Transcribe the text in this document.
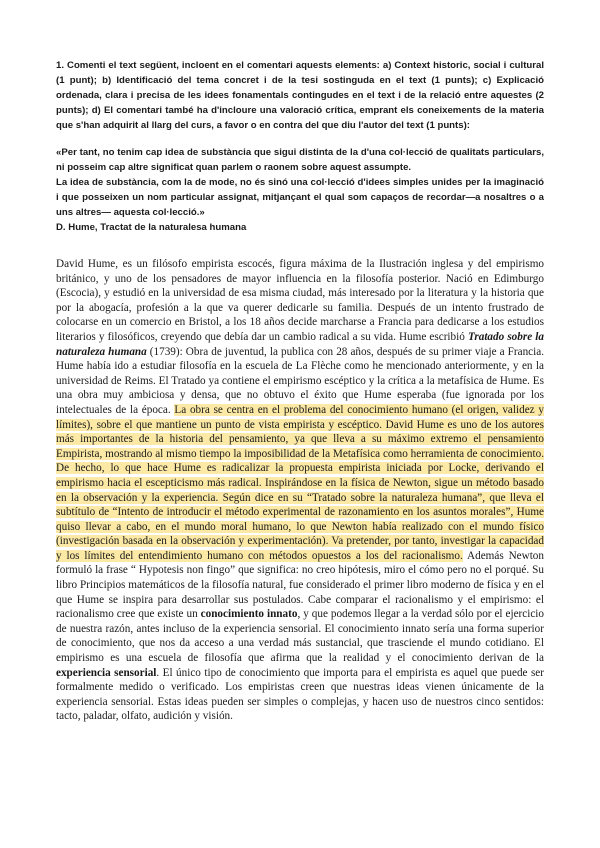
1. Comenti el text següent, incloent en el comentari aquests elements: a) Context historic, social i cultural (1 punt); b) Identificació del tema concret i de la tesi sostinguda en el text (1 punts); c) Explicació ordenada, clara i precisa de les idees fonamentals contingudes en el text i de la relació entre aquestes (2 punts); d) El comentari també ha d'incloure una valoració crítica, emprant els coneixements de la materia que s'han adquirit al llarg del curs, a favor o en contra del que diu l'autor del text (1 punts):

«Per tant, no tenim cap idea de substància que sigui distinta de la d'una col·lecció de qualitats particulars, ni posseim cap altre significat quan parlem o raonem sobre aquest assumpte.

La idea de substància, com la de mode, no és sinó una col·lecció d'idees simples unides per la imaginació i que posseixen un nom particular assignat, mitjançant el qual som capaços de recordar—a nosaltres o a uns altres— aquesta col·lecció.»

D. Hume, Tractat de la naturalesa humana

David Hume, es un filósofo empirista escocés, figura máxima de la Ilustración inglesa y del empirismo británico, y uno de los pensadores de mayor influencia en la filosofía posterior. Nació en Edimburgo (Escocia), y estudió en la universidad de esa misma ciudad, más interesado por la literatura y la historia que por la abogacía, profesión a la que va querer dedicarle su familia. Después de un intento frustrado de colocarse en un comercio en Bristol, a los 18 años decide marcharse a Francia para dedicarse a los estudios literarios y filosóficos, creyendo que debía dar un cambio radical a su vida. Hume escribió Tratado sobre la naturaleza humana (1739): Obra de juventud, la publica con 28 años, después de su primer viaje a Francia. Hume había ido a estudiar filosofía en la escuela de La Flèche como he mencionado anteriormente, y en la universidad de Reims. El Tratado ya contiene el empirismo escéptico y la crítica a la metafísica de Hume. Es una obra muy ambiciosa y densa, que no obtuvo el éxito que Hume esperaba (fue ignorada por los intelectuales de la época. La obra se centra en el problema del conocimiento humano (el origen, validez y límites), sobre el que mantiene un punto de vista empirista y escéptico. David Hume es uno de los autores más importantes de la historia del pensamiento, ya que lleva a su máximo extremo el pensamiento Empirista, mostrando al mismo tiempo la imposibilidad de la Metafísica como herramienta de conocimiento. De hecho, lo que hace Hume es radicalizar la propuesta empirista iniciada por Locke, derivando el empirismo hacia el escepticismo más radical. Inspirándose en la física de Newton, sigue un método basado en la observación y la experiencia. Según dice en su “Tratado sobre la naturaleza humana”, que lleva el subtítulo de “Intento de introducir el método experimental de razonamiento en los asuntos morales”, Hume quiso llevar a cabo, en el mundo moral humano, lo que Newton había realizado con el mundo físico (investigación basada en la observación y experimentación). Va pretender, por tanto, investigar la capacidad y los límites del entendimiento humano con métodos opuestos a los del racionalismo. Además Newton formuló la frase “ Hypotesis non fingo” que significa: no creo hipótesis, miro el cómo pero no el porqué. Su libro Principios matemáticos de la filosofía natural, fue considerado el primer libro moderno de física y en el que Hume se inspira para desarrollar sus postulados. Cabe comparar el racionalismo y el empirismo: el racionalismo cree que existe un conocimiento innato, y que podemos llegar a la verdad sólo por el ejercicio de nuestra razón, antes incluso de la experiencia sensorial. El conocimiento innato sería una forma superior de conocimiento, que nos da acceso a una verdad más sustancial, que trasciende el mundo cotidiano. El empirismo es una escuela de filosofía que afirma que la realidad y el conocimiento derivan de la experiencia sensorial. El único tipo de conocimiento que importa para el empirista es aquel que puede ser formalmente medido o verificado. Los empiristas creen que nuestras ideas vienen únicamente de la experiencia sensorial. Estas ideas pueden ser simples o complejas, y hacen uso de nuestros cinco sentidos: tacto, paladar, olfato, audición y visión.
